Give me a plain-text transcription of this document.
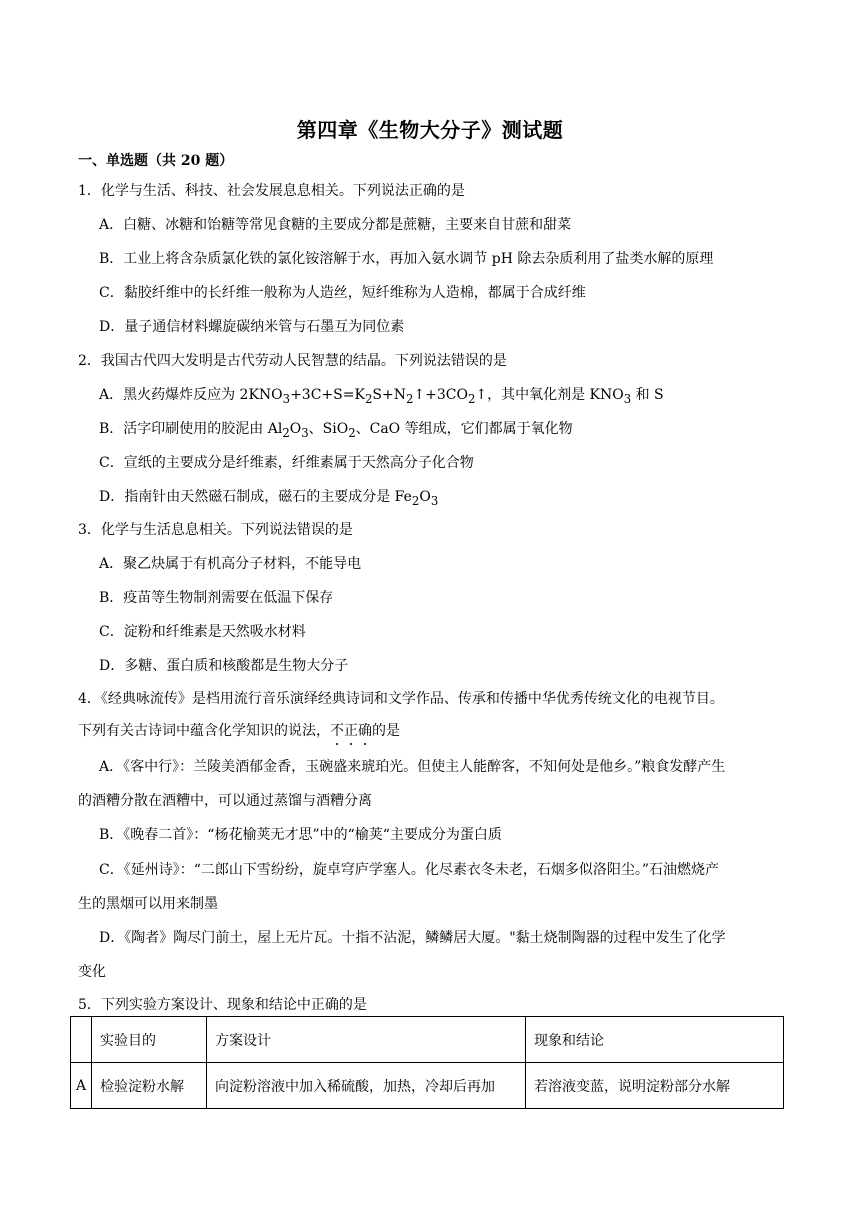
第四章《生物大分子》测试题
一、单选题（共 20 题）
1．化学与生活、科技、社会发展息息相关。下列说法正确的是
A．白糖、冰糖和饴糖等常见食糖的主要成分都是蔗糖，主要来自甘蔗和甜菜
B．工业上将含杂质氯化铁的氯化铵溶解于水，再加入氨水调节 pH 除去杂质利用了盐类水解的原理
C．黏胶纤维中的长纤维一般称为人造丝，短纤维称为人造棉，都属于合成纤维
D．量子通信材料螺旋碳纳米管与石墨互为同位素
2．我国古代四大发明是古代劳动人民智慧的结晶。下列说法错误的是
A．黑火药爆炸反应为 $2KNO_3+3C+S=K_2S+N_2↑+3CO_2↑$，其中氧化剂是 $KNO_3$ 和 S
B．活字印刷使用的胶泥由 $Al_2O_3$、SiO$_2$、CaO 等组成，它们都属于氧化物
C．宣纸的主要成分是纤维素，纤维素属于天然高分子化合物
D．指南针由天然磁石制成，磁石的主要成分是 $Fe_2O_3$
3．化学与生活息息相关。下列说法错误的是
A．聚乙炔属于有机高分子材料，不能导电
B．疫苗等生物制剂需要在低温下保存
C．淀粉和纤维素是天然吸水材料
D．多糖、蛋白质和核酸都是生物大分子
4．《经典咏流传》是档用流行音乐演绎经典诗词和文学作品、传承和传播中华优秀传统文化的电视节目。
下列有关古诗词中蕴含化学知识的说法，不正确的是
A．《客中行》：兰陵美酒郁金香，玉碗盛来琥珀光。但使主人能醉客，不知何处是他乡。”粮食发酵产生
的酒糟分散在酒糟中，可以通过蒸馏与酒糟分离
B．《晚春二首》：“杨花榆荚无才思”中的“榆荚“主要成分为蛋白质
C．《延州诗》：“二郎山下雪纷纷，旋卓穹庐学塞人。化尽素衣冬未老，石烟多似洛阳尘。”石油燃烧产
生的黑烟可以用来制墨
D．《陶者》陶尽门前土，屋上无片瓦。十指不沾泥，鳞鳞居大厦。"黏土烧制陶器的过程中发生了化学
变化
5．下列实验方案设计、现象和结论中正确的是
	实验目的	方案设计	现象和结论
A	检验淀粉水解	向淀粉溶液中加入稀硫酸，加热，冷却后再加	若溶液变蓝，说明淀粉部分水解
